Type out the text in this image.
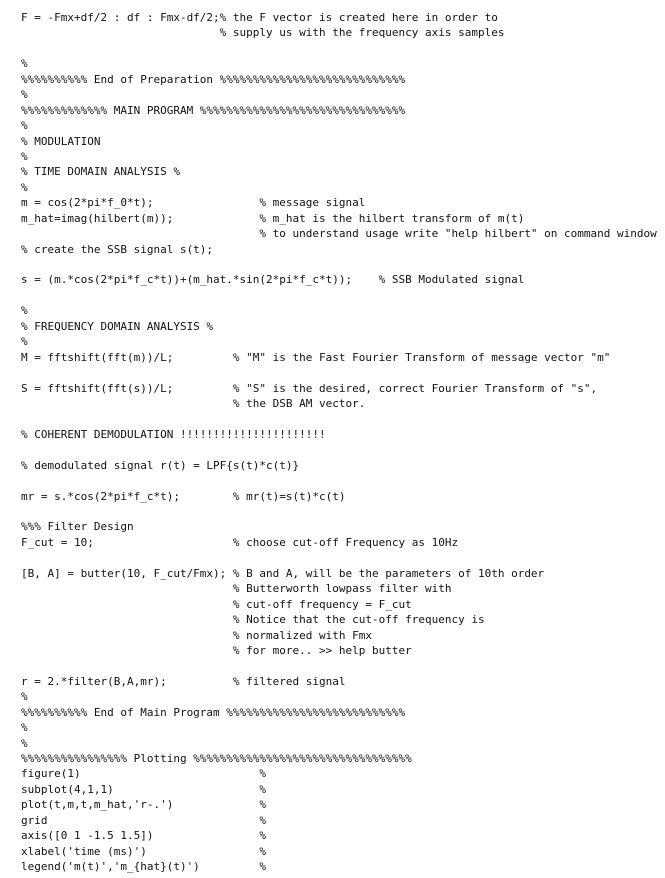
F = -Fmx+df/2 : df : Fmx-df/2;% the F vector is created here in order to
% supply us with the frequency axis samples
%
%%%%%%%%%% End of Preparation %%%%%%%%%%%%%%%%%%%%%%%%%%%%
%
%%%%%%%%%%%%% MAIN PROGRAM %%%%%%%%%%%%%%%%%%%%%%%%%%%%%%%
%
% MODULATION
%
% TIME DOMAIN ANALYSIS %
%
m = cos(2*pi*f_0*t);                % message signal
m_hat=imag(hilbert(m));             % m_hat is the hilbert transform of m(t)
% to understand usage write "help hilbert" on command window
% create the SSB signal s(t);
s = (m.*cos(2*pi*f_c*t))+(m_hat.*sin(2*pi*f_c*t));    % SSB Modulated signal
%
% FREQUENCY DOMAIN ANALYSIS %
%
M = fftshift(fft(m))/L;         % "M" is the Fast Fourier Transform of message vector "m"
S = fftshift(fft(s))/L;         % "S" is the desired, correct Fourier Transform of "s",
% the DSB AM vector.
% COHERENT DEMODULATION !!!!!!!!!!!!!!!!!!!!!!
% demodulated signal r(t) = LPF{s(t)*c(t)}
mr = s.*cos(2*pi*f_c*t);        % mr(t)=s(t)*c(t)
%%% Filter Design
F_cut = 10;                     % choose cut-off Frequency as 10Hz
[B, A] = butter(10, F_cut/Fmx); % B and A, will be the parameters of 10th order
% Butterworth lowpass filter with
% cut-off frequency = F_cut
% Notice that the cut-off frequency is
% normalized with Fmx
% for more.. >> help butter
r = 2.*filter(B,A,mr);          % filtered signal
%
%%%%%%%%%% End of Main Program %%%%%%%%%%%%%%%%%%%%%%%%%%%
%
%
%%%%%%%%%%%%%%%% Plotting %%%%%%%%%%%%%%%%%%%%%%%%%%%%%%%%%
figure(1)                           %
subplot(4,1,1)                      %
plot(t,m,t,m_hat,'r-.')             %
grid                                %
axis([0 1 -1.5 1.5])                %
xlabel('time (ms)')                 %
legend('m(t)','m_{hat}(t)')         %
